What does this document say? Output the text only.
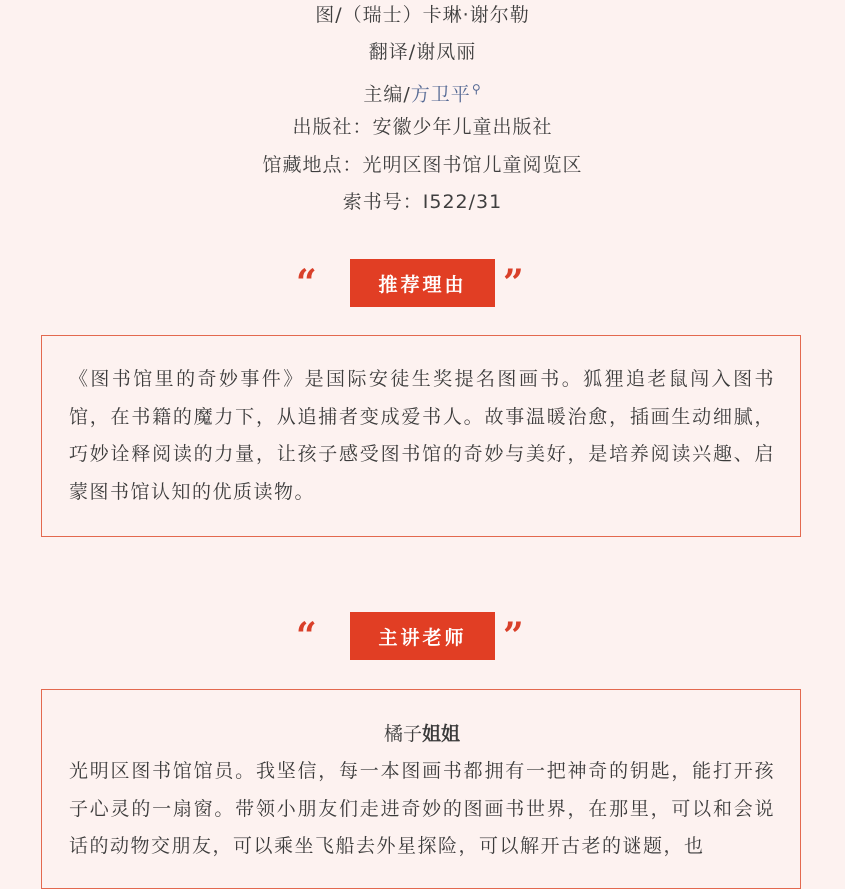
图/（瑞士）卡琳·谢尔勒
翻译/谢凤丽
主编/方卫平⚲
出版社：安徽少年儿童出版社
馆藏地点：光明区图书馆儿童阅览区
索书号：I522/31
“	推荐理由	”

《图书馆里的奇妙事件》是国际安徒生奖提名图画书。狐狸追老鼠闯入图书馆，在书籍的魔力下，从追捕者变成爱书人。故事温暖治愈，插画生动细腻，巧妙诠释阅读的力量，让孩子感受图书馆的奇妙与美好，是培养阅读兴趣、启蒙图书馆认知的优质读物。

“	主讲老师	”
橘子姐姐

光明区图书馆馆员。我坚信，每一本图画书都拥有一把神奇的钥匙，能打开孩子心灵的一扇窗。带领小朋友们走进奇妙的图画书世界，在那里，可以和会说话的动物交朋友，可以乘坐飞船去外星探险，可以解开古老的谜题，也
